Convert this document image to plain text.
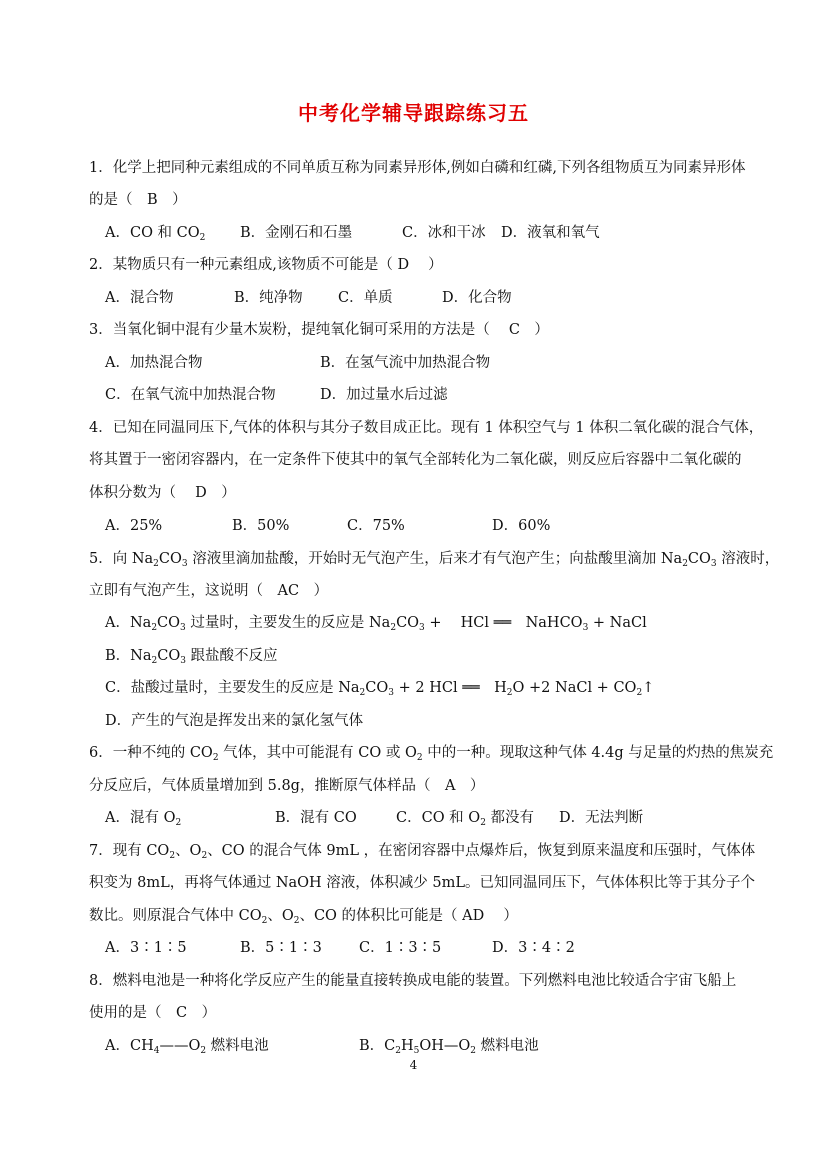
中考化学辅导跟踪练习五
1．化学上把同种元素组成的不同单质互称为同素异形体,例如白磷和红磷,下列各组物质互为同素异形体
的是（　B　）
A．CO 和 $CO_2$ B．金刚石和石墨	C．冰和干冰 D．液氧和氧气
2．某物质只有一种元素组成,该物质不可能是（ D　 ）
A．混合物	B．纯净物 C．单质	D．化合物
3．当氧化铜中混有少量木炭粉，提纯氧化铜可采用的方法是（　 C　）
A．加热混合物	B．在氢气流中加热混合物
C．在氧气流中加热混合物	D．加过量水后过滤
4．已知在同温同压下,气体的体积与其分子数目成正比。现有 1 体积空气与 1 体积二氧化碳的混合气体，
将其置于一密闭容器内，在一定条件下使其中的氧气全部转化为二氧化碳，则反应后容器中二氧化碳的
体积分数为（　 D　）
A．25%	B．50%	C．75%	D．60%
5．向 $Na_2CO_3$ 溶液里滴加盐酸，开始时无气泡产生，后来才有气泡产生；向盐酸里滴加 $Na_2CO_3$ 溶液时，
立即有气泡产生，这说明（　AC　）
A．$Na_2CO_3$ 过量时，主要发生的反应是 $Na_2CO_3$ +　 HCl ══　NaHCO$_3$ + NaCl
B．$Na_2CO_3$ 跟盐酸不反应
C．盐酸过量时，主要发生的反应是 $Na_2CO_3 + 2$ HCl ══　$H_2O +2$ NaCl + $CO_2↑$
D．产生的气泡是挥发出来的氯化氢气体
6．一种不纯的 $CO_2$ 气体，其中可能混有 CO 或 $O_2$ 中的一种。现取这种气体 4.4g 与足量的灼热的焦炭充
分反应后，气体质量增加到 5.8g，推断原气体样品（　A　）
A．混有 $O_2$	B．混有 CO	C．CO 和 $O_2$ 都没有 D．无法判断
7．现有 $CO_2$、$O_2$、CO 的混合气体 9mL ，在密闭容器中点爆炸后，恢复到原来温度和压强时，气体体
积变为 8mL，再将气体通过 NaOH 溶液，体积减少 5mL。已知同温同压下，气体体积比等于其分子个
数比。则原混合气体中 $CO_2$、$O_2$、CO 的体积比可能是（ AD　 ）
A．3∶1∶5	B．5∶1∶3	C．1∶3∶5	D．3∶4∶2
8．燃料电池是一种将化学反应产生的能量直接转换成电能的装置。下列燃料电池比较适合宇宙飞船上
使用的是（　C　）
A．$CH_4——O_2$ 燃料电池	B．$C_2H_5OH—O_2$ 燃料电池
4
